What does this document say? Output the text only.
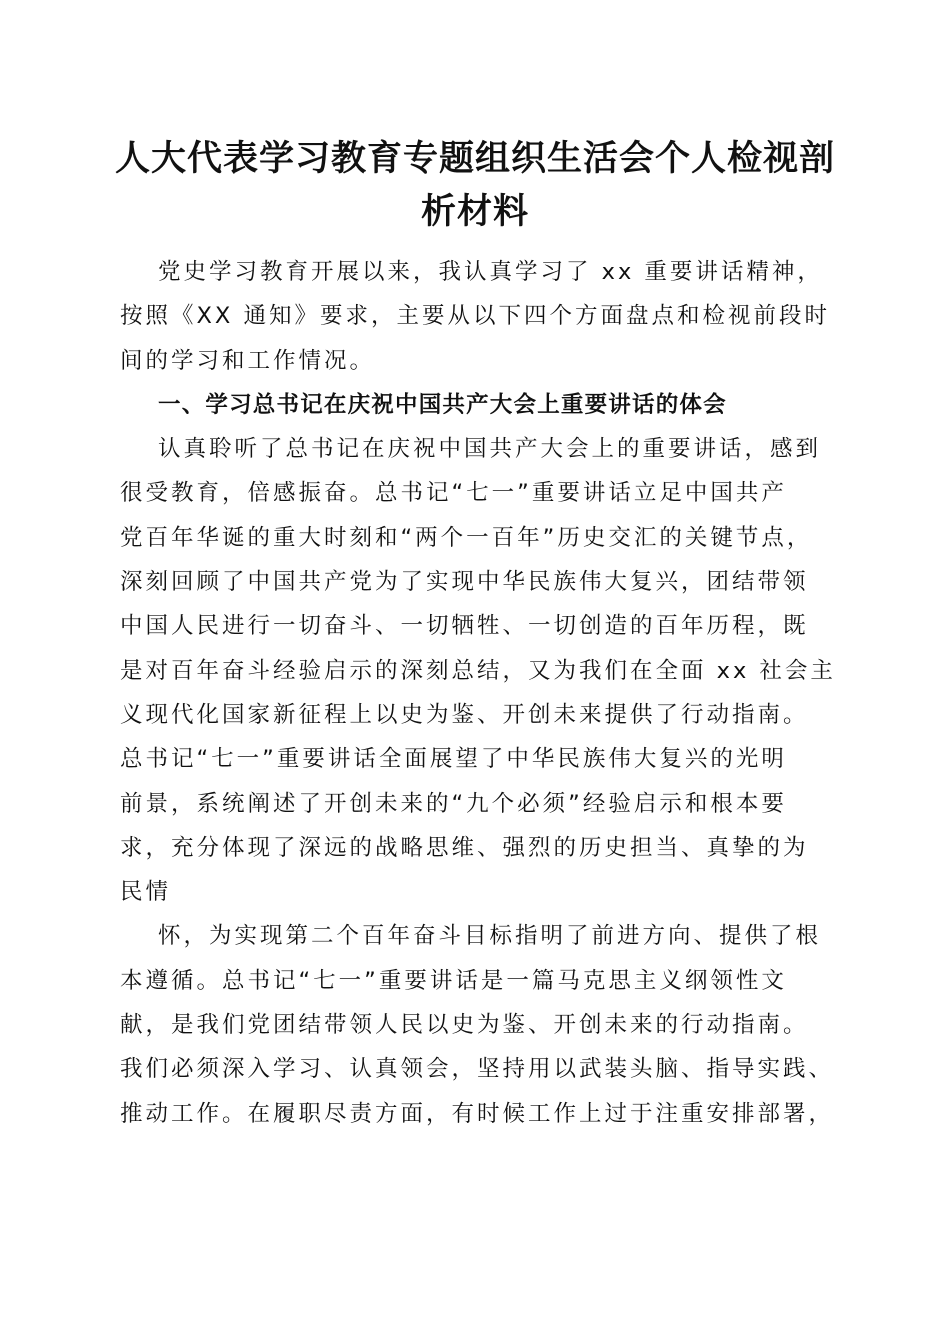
人大代表学习教育专题组织生活会个人检视剖
析材料
党史学习教育开展以来，我认真学习了 xx 重要讲话精神，
按照《XX 通知》要求，主要从以下四个方面盘点和检视前段时
间的学习和工作情况。
一、学习总书记在庆祝中国共产大会上重要讲话的体会
认真聆听了总书记在庆祝中国共产大会上的重要讲话，感到
很受教育，倍感振奋。总书记“七一”重要讲话立足中国共产
党百年华诞的重大时刻和“两个一百年”历史交汇的关键节点，
深刻回顾了中国共产党为了实现中华民族伟大复兴，团结带领
中国人民进行一切奋斗、一切牺牲、一切创造的百年历程，既
是对百年奋斗经验启示的深刻总结，又为我们在全面 xx 社会主
义现代化国家新征程上以史为鉴、开创未来提供了行动指南。
总书记“七一”重要讲话全面展望了中华民族伟大复兴的光明
前景，系统阐述了开创未来的“九个必须”经验启示和根本要
求，充分体现了深远的战略思维、强烈的历史担当、真挚的为
民情
怀，为实现第二个百年奋斗目标指明了前进方向、提供了根
本遵循。总书记“七一”重要讲话是一篇马克思主义纲领性文
献，是我们党团结带领人民以史为鉴、开创未来的行动指南。
我们必须深入学习、认真领会，坚持用以武装头脑、指导实践、
推动工作。在履职尽责方面，有时候工作上过于注重安排部署，
